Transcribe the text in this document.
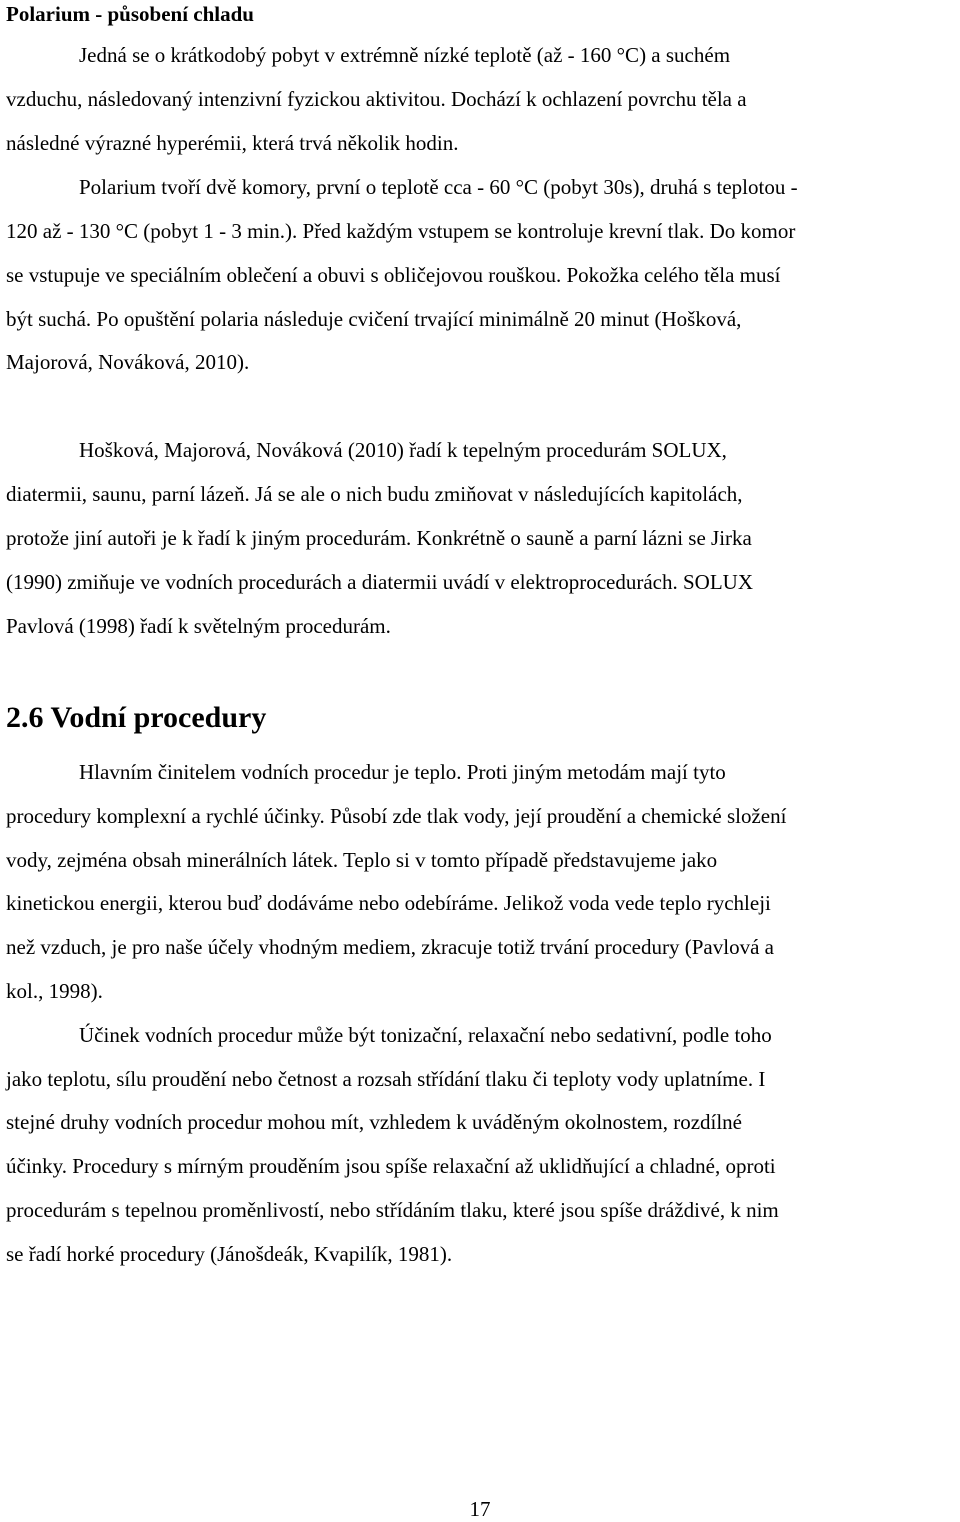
Polarium - působení chladu
Jedná se o krátkodobý pobyt v extrémně nízké teplotě (až - 160 °C) a suchém
vzduchu, následovaný intenzivní fyzickou aktivitou. Dochází k ochlazení povrchu těla a
následné výrazné hyperémii, která trvá několik hodin.
Polarium tvoří dvě komory, první o teplotě cca - 60 °C (pobyt 30s), druhá s teplotou -
120 až - 130 °C (pobyt 1 - 3 min.). Před každým vstupem se kontroluje krevní tlak. Do komor
se vstupuje ve speciálním oblečení a obuvi s obličejovou rouškou. Pokožka celého těla musí
být suchá. Po opuštění polaria následuje cvičení trvající minimálně 20 minut (Hošková,
Majorová, Nováková, 2010).
Hošková, Majorová, Nováková (2010) řadí k tepelným procedurám SOLUX,
diatermii, saunu, parní lázeň. Já se ale o nich budu zmiňovat v následujících kapitolách,
protože jiní autoři je k řadí k jiným procedurám. Konkrétně o sauně a parní lázni se Jirka
(1990) zmiňuje ve vodních procedurách a diatermii uvádí v elektroprocedurách. SOLUX
Pavlová (1998) řadí k světelným procedurám.
2.6 Vodní procedury
Hlavním činitelem vodních procedur je teplo. Proti jiným metodám mají tyto
procedury komplexní a rychlé účinky. Působí zde tlak vody, její proudění a chemické složení
vody, zejména obsah minerálních látek. Teplo si v tomto případě představujeme jako
kinetickou energii, kterou buď dodáváme nebo odebíráme. Jelikož voda vede teplo rychleji
než vzduch, je pro naše účely vhodným mediem, zkracuje totiž trvání procedury (Pavlová a
kol., 1998).
Účinek vodních procedur může být tonizační, relaxační nebo sedativní, podle toho
jako teplotu, sílu proudění nebo četnost a rozsah střídání tlaku či teploty vody uplatníme. I
stejné druhy vodních procedur mohou mít, vzhledem k uváděným okolnostem, rozdílné
účinky. Procedury s mírným prouděním jsou spíše relaxační až uklidňující a chladné, oproti
procedurám s tepelnou proměnlivostí, nebo střídáním tlaku, které jsou spíše dráždivé, k nim
se řadí horké procedury (Jánošdeák, Kvapilík, 1981).
17
